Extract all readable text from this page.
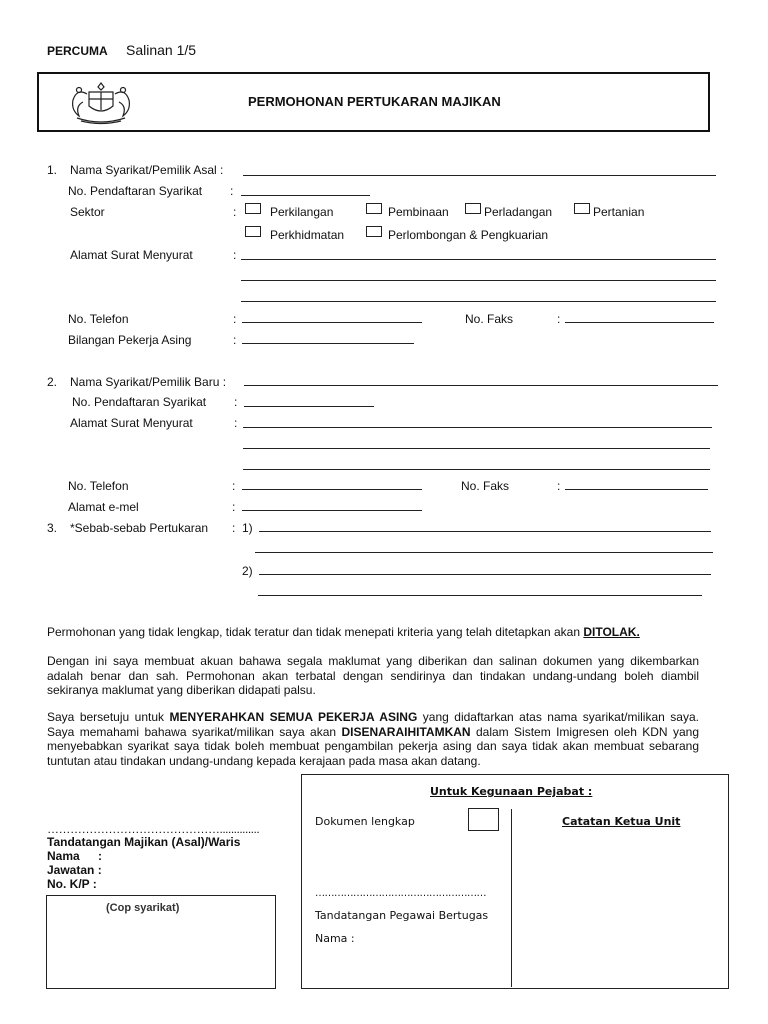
PERCUMA Salinan 1/5
PERMOHONAN PERTUKARAN MAJIKAN
1. Nama Syarikat/Pemilik Asal :
No. Pendaftaran Syarikat :
Sektor	:	Perkilangan	Pembinaan	Perladangan	Pertanian
Perkhidmatan	Perlombongan & Pengkuarian
Alamat Surat Menyurat	:
No. Telefon	:	No. Faks	:
Bilangan Pekerja Asing	:
2. Nama Syarikat/Pemilik Baru :
No. Pendaftaran Syarikat :
Alamat Surat Menyurat	:
No. Telefon	:	No. Faks	:
Alamat e-mel	:
3. *Sebab-sebab Pertukaran : 1)
2)
Permohonan yang tidak lengkap, tidak teratur dan tidak menepati kriteria yang telah ditetapkan akan DITOLAK.
Dengan ini saya membuat akuan bahawa segala maklumat yang diberikan dan salinan dokumen yang dikembarkan adalah benar dan sah. Permohonan akan terbatal dengan sendirinya dan tindakan undang-undang boleh diambil sekiranya maklumat yang diberikan didapati palsu.
Saya bersetuju untuk MENYERAHKAN SEMUA PEKERJA ASING yang didaftarkan atas nama syarikat/milikan saya. Saya memahami bahawa syarikat/milikan saya akan DISENARAIHITAMKAN dalam Sistem Imigresen oleh KDN yang menyebabkan syarikat saya tidak boleh membuat pengambilan pekerja asing dan saya tidak akan membuat sebarang tuntutan atau tindakan undang-undang kepada kerajaan pada masa akan datang.
………………………………………..............
Tandatangan Majikan (Asal)/Waris
Nama :
Jawatan :
No. K/P :
(Cop syarikat)
Untuk Kegunaan Pejabat :
Dokumen lengkap	Catatan Ketua Unit
………………………………………………
Tandatangan Pegawai Bertugas
Nama :
